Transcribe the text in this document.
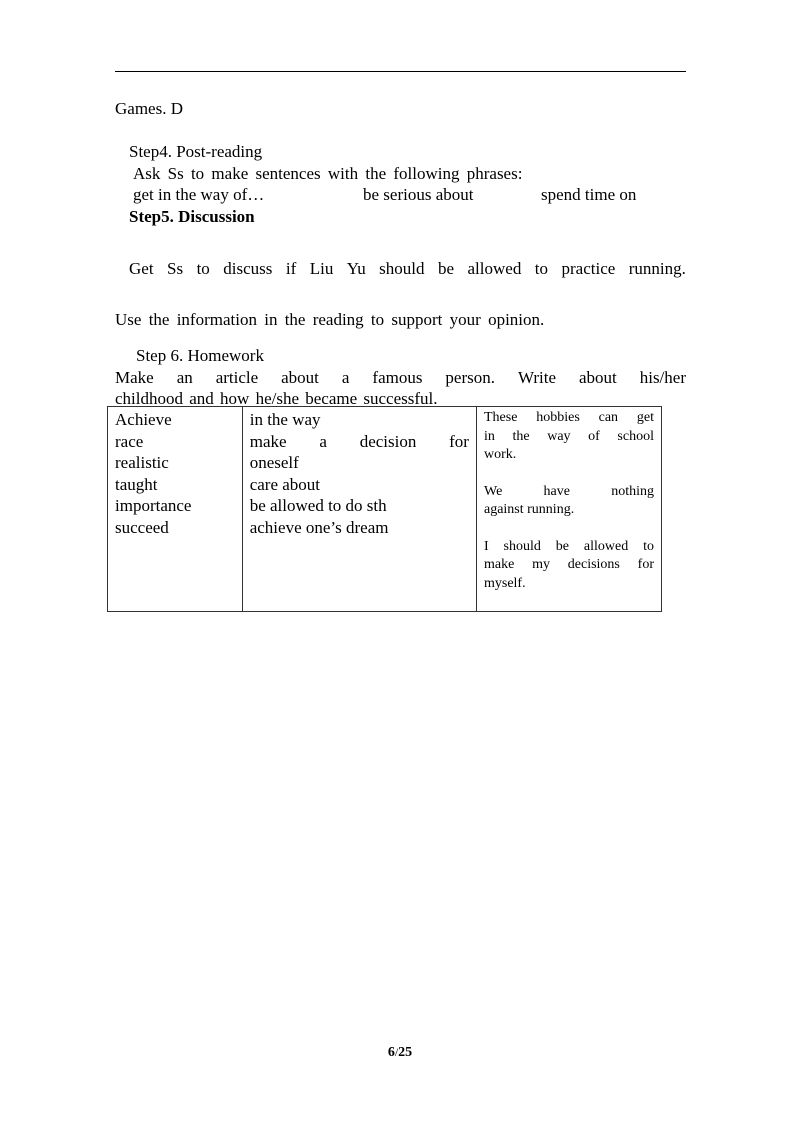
Games. D
Step4. Post-reading
Ask Ss to make sentences with the following phrases:
get in the way of…	be serious about	spend time on
Step5. Discussion
Get Ss to discuss if Liu Yu should be allowed to practice running.
Use the information in the reading to support your opinion.
Step 6. Homework
Make an article about a famous person. Write about his/her
childhood and how he/she became successful.
Achieve
race
realistic
taught
importance
succeed

in the way
make a decision for
oneself
care about
be allowed to do sth
achieve one’s dream

These hobbies can get
in the way of school
work.

We	have	nothing
against running.

I should be allowed to
make my decisions for
myself.

6/25
